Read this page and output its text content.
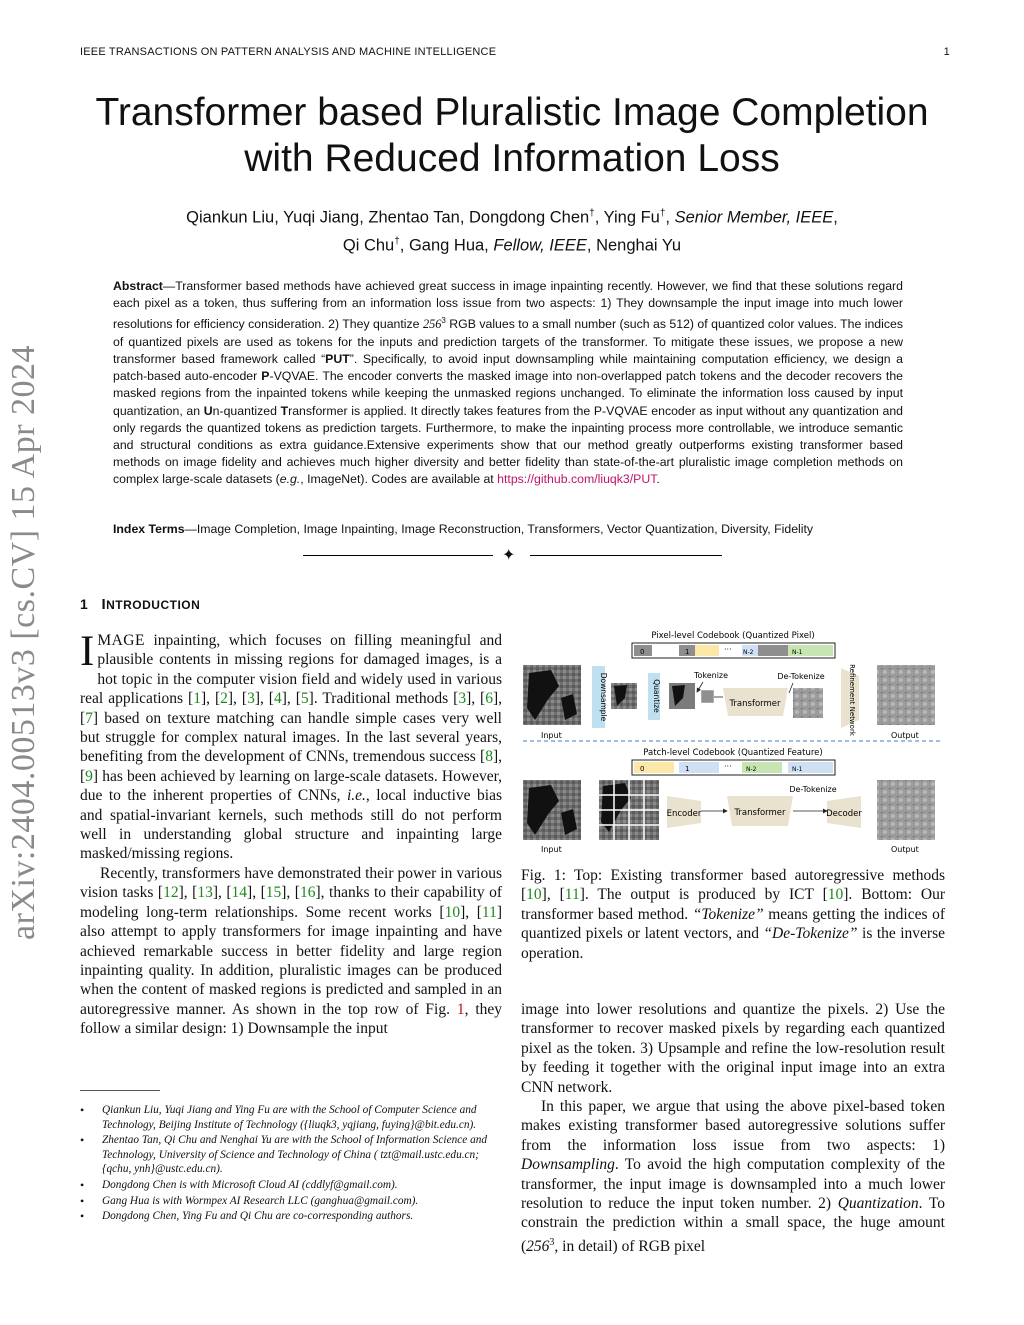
IEEE TRANSACTIONS ON PATTERN ANALYSIS AND MACHINE INTELLIGENCE	1
Transformer based Pluralistic Image Completion
with Reduced Information Loss
Qiankun Liu, Yuqi Jiang, Zhentao Tan, Dongdong Chen†, Ying Fu†, Senior Member, IEEE,
Qi Chu†, Gang Hua, Fellow, IEEE, Nenghai Yu
Abstract—Transformer based methods have achieved great success in image inpainting recently. However, we find that these solutions regard each pixel as a token, thus suffering from an information loss issue from two aspects: 1) They downsample the input image into much lower resolutions for efficiency consideration. 2) They quantize $256^3$ RGB values to a small number (such as 512) of quantized color values. The indices of quantized pixels are used as tokens for the inputs and prediction targets of the transformer. To mitigate these issues, we propose a new transformer based framework called “PUT”. Specifically, to avoid input downsampling while maintaining computation efficiency, we design a patch-based auto-encoder P-VQVAE. The encoder converts the masked image into non-overlapped patch tokens and the decoder recovers the masked regions from the inpainted tokens while keeping the unmasked regions unchanged. To eliminate the information loss caused by input quantization, an Un-quantized Transformer is applied. It directly takes features from the P-VQVAE encoder as input without any quantization and only regards the quantized tokens as prediction targets. Furthermore, to make the inpainting process more controllable, we introduce semantic and structural conditions as extra guidance.Extensive experiments show that our method greatly outperforms existing transformer based methods on image fidelity and achieves much higher diversity and better fidelity than state-of-the-art pluralistic image completion methods on complex large-scale datasets (e.g., ImageNet). Codes are available at https://github.com/liuqk3/PUT.
Index Terms—Image Completion, Image Inpainting, Image Reconstruction, Transformers, Vector Quantization, Diversity, Fidelity
✦
arXiv:2404.00513v3 [cs.CV] 15 Apr 2024	1 INTRODUCTION

IMAGE inpainting, which focuses on filling meaningful and plausible contents in missing regions for damaged images, is a hot topic in the computer vision field and widely used in various real applications [1], [2], [3], [4], [5]. Traditional methods [3], [6], [7] based on texture matching can handle simple cases very well but struggle for complex natural images. In the last several years, benefiting from the development of CNNs, tremendous success [8], [9] has been achieved by learning on large-scale datasets. However, due to the inherent properties of CNNs, i.e., local inductive bias and spatial-invariant kernels, such methods still do not perform well in understanding global structure and inpainting large masked/missing regions.

Recently, transformers have demonstrated their power in various vision tasks [12], [13], [14], [15], [16], thanks to their capability of modeling long-term relationships. Some recent works [10], [11] also attempt to apply transformers for image inpainting and have achieved remarkable success in better fidelity and large region inpainting quality. In addition, pluralistic images can be produced when the content of masked regions is predicted and sampled in an autoregressive manner. As shown in the top row of Fig. 1, they follow a similar design: 1) Downsample the input

• Qiankun Liu, Yuqi Jiang and Ying Fu are with the School of Computer Science and Technology, Beijing Institute of Technology ({liuqk3, yqjiang, fuying}@bit.edu.cn).
• Zhentao Tan, Qi Chu and Nenghai Yu are with the School of Information Science and Technology, University of Science and Technology of China ( tzt@mail.ustc.edu.cn; {qchu, ynh}@ustc.edu.cn).
• Dongdong Chen is with Microsoft Cloud AI (cddlyf@gmail.com).
• Gang Hua is with Wormpex AI Research LLC (ganghua@gmail.com).
• Dongdong Chen, Ying Fu and Qi Chu are co-corresponding authors.
Pixel-level Codebook (Quantized Pixel)
0	1	··· N-2	N-1
Input
Downsample	Quantize
Tokenize
Transformer
De-Tokenize	Refinement Network	Output
Patch-level Codebook (Quantized Feature)
0	1	··· N-2	N-1
Input
Encoder	Transformer
De-Tokenize
Decoder
Output
Fig. 1: Top: Existing transformer based autoregressive methods [10], [11]. The output is produced by ICT [10]. Bottom: Our transformer based method. “Tokenize” means getting the indices of quantized pixels or latent vectors, and “De-Tokenize” is the inverse operation.

image into lower resolutions and quantize the pixels. 2) Use the transformer to recover masked pixels by regarding each quantized pixel as the token. 3) Upsample and refine the low-resolution result by feeding it together with the original input image into an extra CNN network.

In this paper, we argue that using the above pixel-based token makes existing transformer based autoregressive solutions suffer from the information loss issue from two aspects: 1) Downsampling. To avoid the high computation complexity of the transformer, the input image is downsampled into a much lower resolution to reduce the input token number. 2) Quantization. To constrain the prediction within a small space, the huge amount ($256^3$, in detail) of RGB pixel
